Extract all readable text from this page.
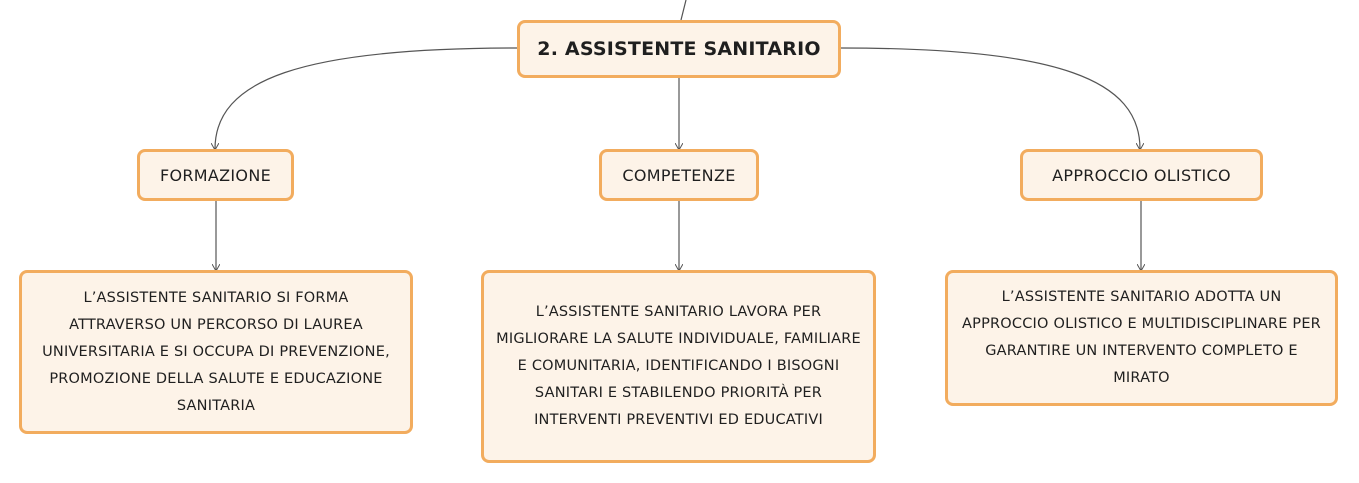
2. ASSISTENTE SANITARIO
FORMAZIONE	COMPETENZE	APPROCCIO OLISTICO
L’ASSISTENTE SANITARIO SI FORMA ATTRAVERSO UN PERCORSO DI LAUREA UNIVERSITARIA E SI OCCUPA DI PREVENZIONE, PROMOZIONE DELLA SALUTE E EDUCAZIONE SANITARIA
L’ASSISTENTE SANITARIO LAVORA PER MIGLIORARE LA SALUTE INDIVIDUALE, FAMILIARE E COMUNITARIA, IDENTIFICANDO I BISOGNI SANITARI E STABILENDO PRIORITÀ PER INTERVENTI PREVENTIVI ED EDUCATIVI
L’ASSISTENTE SANITARIO ADOTTA UN APPROCCIO OLISTICO E MULTIDISCIPLINARE PER GARANTIRE UN INTERVENTO COMPLETO E MIRATO
